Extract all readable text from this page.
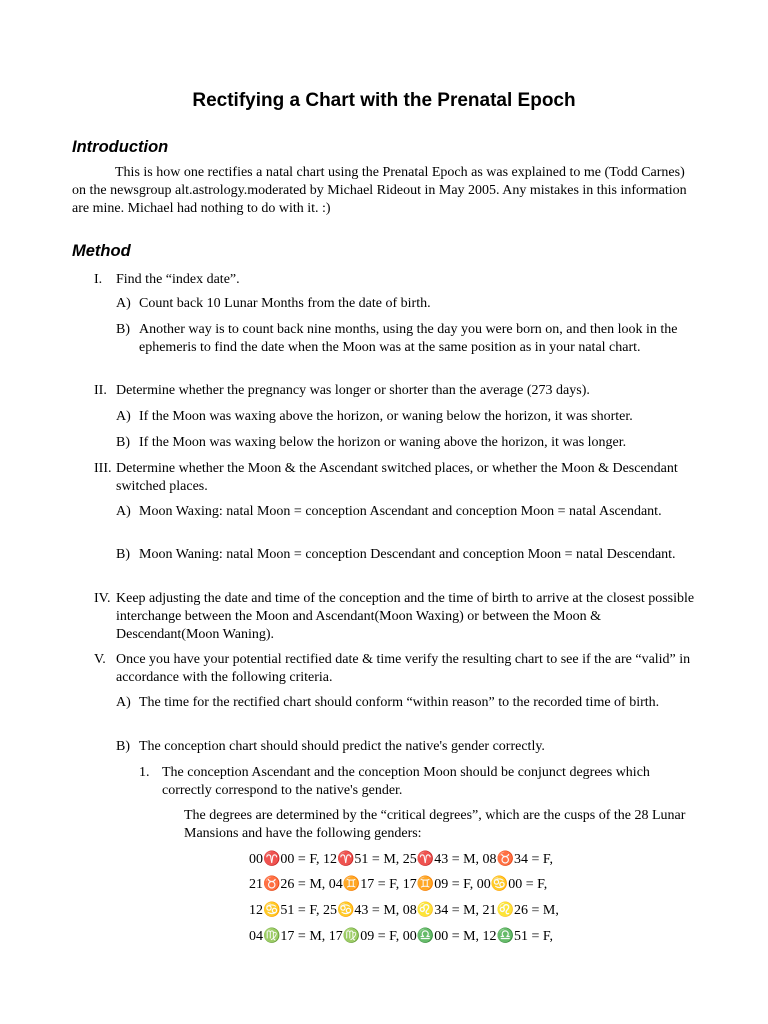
Rectifying a Chart with the Prenatal Epoch
Introduction

This is how one rectifies a natal chart using the Prenatal Epoch as was explained to me (Todd Carnes) on the newsgroup alt.astrology.moderated by Michael Rideout in May 2005. Any mistakes in this information are mine. Michael had nothing to do with it. :)

Method
I. Find the “index date”.
A) Count back 10 Lunar Months from the date of birth.
B) Another way is to count back nine months, using the day you were born on, and then look in the ephemeris to find the date when the Moon was at the same position as in your natal chart.
II. Determine whether the pregnancy was longer or shorter than the average (273 days).
A) If the Moon was waxing above the horizon, or waning below the horizon, it was shorter.
B) If the Moon was waxing below the horizon or waning above the horizon, it was longer.
III. Determine whether the Moon & the Ascendant switched places, or whether the Moon & Descendant switched places.
A) Moon Waxing: natal Moon = conception Ascendant and conception Moon = natal Ascendant.
B) Moon Waning: natal Moon = conception Descendant and conception Moon = natal Descendant.
IV. Keep adjusting the date and time of the conception and the time of birth to arrive at the closest possible interchange between the Moon and Ascendant(Moon Waxing) or between the Moon & Descendant(Moon Waning).
V. Once you have your potential rectified date & time verify the resulting chart to see if the are “valid” in accordance with the following criteria.
A) The time for the rectified chart should conform “within reason” to the recorded time of birth.
B) The conception chart should should predict the native's gender correctly.
1. The conception Ascendant and the conception Moon should be conjunct degrees which correctly correspond to the native's gender.

The degrees are determined by the “critical degrees”, which are the cusps of the 28 Lunar Mansions and have the following genders:

00♈00 = F, 12♈51 = M, 25♈43 = M, 08♉34 = F,
21♉26 = M, 04♊17 = F, 17♊09 = F, 00♋00 = F,
12♋51 = F, 25♋43 = M, 08♌34 = M, 21♌26 = M,
04♍17 = M, 17♍09 = F, 00♎00 = M, 12♎51 = F,
